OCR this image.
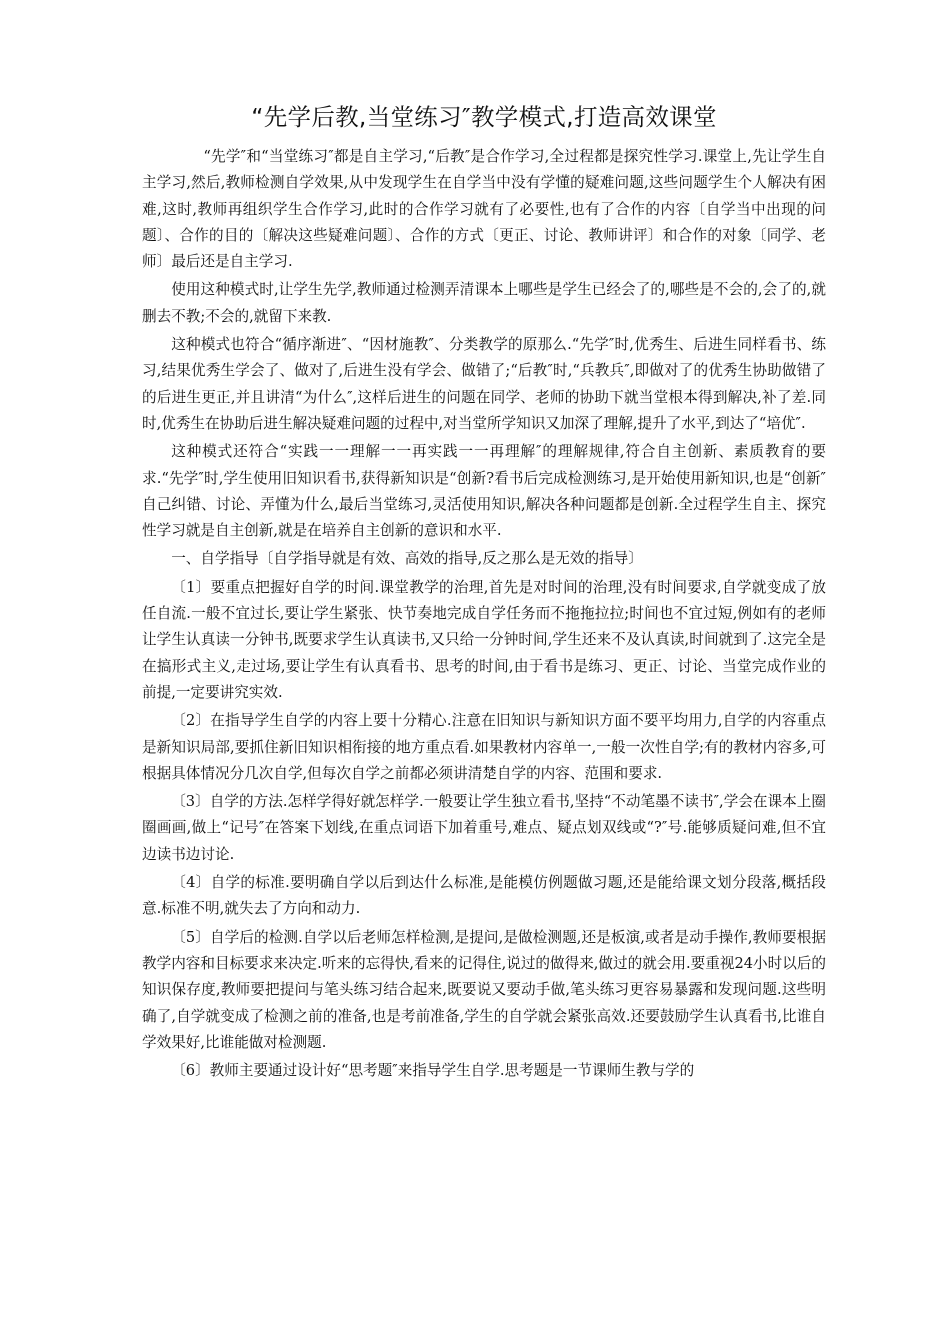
“先学后教,当堂练习″教学模式,打造高效课堂

“先学″和“当堂练习″都是自主学习,“后教″是合作学习,全过程都是探究性学习.课堂上,先让学生自主学习,然后,教师检测自学效果,从中发现学生在自学当中没有学懂的疑难问题,这些问题学生个人解决有困难,这时,教师再组织学生合作学习,此时的合作学习就有了必要性,也有了合作的内容〔自学当中出现的问题〕、合作的目的〔解决这些疑难问题〕、合作的方式〔更正、讨论、教师讲评〕和合作的对象〔同学、老师〕最后还是自主学习.

使用这种模式时,让学生先学,教师通过检测弄清课本上哪些是学生已经会了的,哪些是不会的,会了的,就删去不教;不会的,就留下来教.

这种模式也符合“循序渐进″、“因材施教″、分类教学的原那么.“先学″时,优秀生、后进生同样看书、练习,结果优秀生学会了、做对了,后进生没有学会、做错了;“后教″时,“兵教兵″,即做对了的优秀生协助做错了的后进生更正,并且讲清“为什么″,这样后进生的问题在同学、老师的协助下就当堂根本得到解决,补了差.同时,优秀生在协助后进生解决疑难问题的过程中,对当堂所学知识又加深了理解,提升了水平,到达了“培优″.

这种模式还符合“实践一一理解一一再实践一一再理解″的理解规律,符合自主创新、素质教育的要求.“先学″时,学生使用旧知识看书,获得新知识是“创新?看书后完成检测练习,是开始使用新知识,也是“创新″自己纠错、讨论、弄懂为什么,最后当堂练习,灵活使用知识,解决各种问题都是创新.全过程学生自主、探究性学习就是自主创新,就是在培养自主创新的意识和水平.

一、自学指导〔自学指导就是有效、高效的指导,反之那么是无效的指导〕

〔1〕要重点把握好自学的时间.课堂教学的治理,首先是对时间的治理,没有时间要求,自学就变成了放任自流.一般不宜过长,要让学生紧张、快节奏地完成自学任务而不拖拖拉拉;时间也不宜过短,例如有的老师让学生认真读一分钟书,既要求学生认真读书,又只给一分钟时间,学生还来不及认真读,时间就到了.这完全是在搞形式主义,走过场,要让学生有认真看书、思考的时间,由于看书是练习、更正、讨论、当堂完成作业的前提,一定要讲究实效.

〔2〕在指导学生自学的内容上要十分精心.注意在旧知识与新知识方面不要平均用力,自学的内容重点是新知识局部,要抓住新旧知识相衔接的地方重点看.如果教材内容单一,一般一次性自学;有的教材内容多,可根据具体情况分几次自学,但每次自学之前都必须讲清楚自学的内容、范围和要求.

〔3〕自学的方法.怎样学得好就怎样学.一般要让学生独立看书,坚持“不动笔墨不读书″,学会在课本上圈圈画画,做上“记号″在答案下划线,在重点词语下加着重号,难点、疑点划双线或“?″号.能够质疑问难,但不宜边读书边讨论.

〔4〕自学的标准.要明确自学以后到达什么标准,是能模仿例题做习题,还是能给课文划分段落,概括段意.标准不明,就失去了方向和动力.

〔5〕自学后的检测.自学以后老师怎样检测,是提问,是做检测题,还是板演,或者是动手操作,教师要根据教学内容和目标要求来决定.听来的忘得快,看来的记得住,说过的做得来,做过的就会用.要重视24小时以后的知识保存度,教师要把提问与笔头练习结合起来,既要说又要动手做,笔头练习更容易暴露和发现问题.这些明确了,自学就变成了检测之前的准备,也是考前准备,学生的自学就会紧张高效.还要鼓励学生认真看书,比谁自学效果好,比谁能做对检测题.

〔6〕教师主要通过设计好“思考题″来指导学生自学.思考题是一节课师生教与学的
